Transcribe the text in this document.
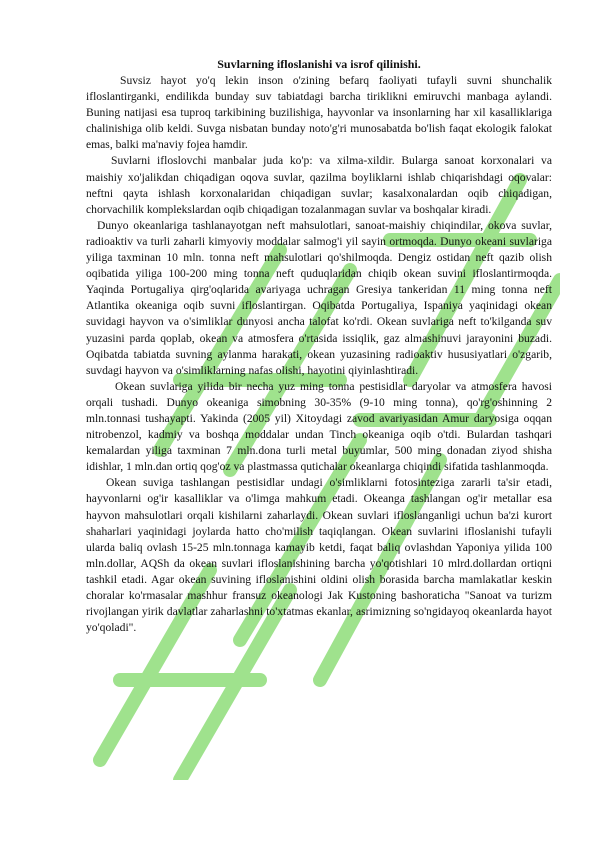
Suvlarning ifloslanishi va isrof qilinishi.

Suvsiz hayot yo'q lekin inson o'zining befarq faoliyati tufayli suvni shunchalik ifloslantirganki, endilikda bunday suv tabiatdagi barcha tiriklikni emiruvchi manbaga aylandi. Buning natijasi esa tuproq tarkibining buzilishiga, hayvonlar va insonlarning har xil kasalliklariga chalinishiga olib keldi. Suvga nisbatan bunday noto'g'ri munosabatda bo'lish faqat ekologik falokat emas, balki ma'naviy fojea hamdir.

Suvlarni ifloslovchi manbalar juda ko'p: va xilma-xildir. Bularga sanoat korxonalari va maishiy xo'jalikdan chiqadigan oqova suvlar, qazilma boyliklarni ishlab chiqarishdagi oqovalar: neftni qayta ishlash korxonalaridan chiqadigan suvlar; kasalxonalardan oqib chiqadigan, chorvachilik komplekslardan oqib chiqadigan tozalanmagan suvlar va boshqalar kiradi.

Dunyo okeanlariga tashlanayotgan neft mahsulotlari, sanoat-maishiy chiqindilar, okova suvlar, radioaktiv va turli zaharli kimyoviy moddalar salmog'i yil sayin ortmoqda. Dunyo okeani suvlariga yiliga taxminan 10 mln. tonna neft mahsulotlari qo'shilmoqda. Dengiz ostidan neft qazib olish oqibatida yiliga 100-200 ming tonna neft quduqlaridan chiqib okean suvini ifloslantirmoqda. Yaqinda Portugaliya qirg'oqlarida avariyaga uchragan Gresiya tankeridan 11 ming tonna neft Atlantika okeaniga oqib suvni ifloslantirgan. Oqibatda Portugaliya, Ispaniya yaqinidagi okean suvidagi hayvon va o'simliklar dunyosi ancha talofat ko'rdi. Okean suvlariga neft to'kilganda suv yuzasini parda qoplab, okean va atmosfera o'rtasida issiqlik, gaz almashinuvi jarayonini buzadi. Oqibatda tabiatda suvning aylanma harakati, okean yuzasining radioaktiv hususiyatlari o'zgarib, suvdagi hayvon va o'simliklarning nafas olishi, hayotini qiyinlashtiradi.

Okean suvlariga yilida bir necha yuz ming tonna pestisidlar daryolar va atmosfera havosi orqali tushadi. Dunyo okeaniga simobning 30-35% (9-10 ming tonna), qo'rg'oshinning 2 mln.tonnasi tushayapti. Yakinda (2005 yil) Xitoydagi zavod avariyasidan Amur daryosiga oqqan nitrobenzol, kadmiy va boshqa moddalar undan Tinch okeaniga oqib o'tdi. Bulardan tashqari kemalardan yiliga taxminan 7 mln.dona turli metal buyumlar, 500 ming donadan ziyod shisha idishlar, 1 mln.dan ortiq qog'oz va plastmassa qutichalar okeanlarga chiqindi sifatida tashlanmoqda.

Okean suviga tashlangan pestisidlar undagi o'simliklarni fotosinteziga zararli ta'sir etadi, hayvonlarni og'ir kasalliklar va o'limga mahkum etadi. Okeanga tashlangan og'ir metallar esa hayvon mahsulotlari orqali kishilarni zaharlaydi. Okean suvlari ifloslanganligi uchun ba'zi kurort shaharlari yaqinidagi joylarda hatto cho'milish taqiqlangan. Okean suvlarini ifloslanishi tufayli ularda baliq ovlash 15-25 mln.tonnaga kamayib ketdi, faqat baliq ovlashdan Yaponiya yilida 100 mln.dollar, AQSh da okean suvlari ifloslanishining barcha yo'qotishlari 10 mlrd.dollardan ortiqni tashkil etadi. Agar okean suvining ifloslanishini oldini olish borasida barcha mamlakatlar keskin choralar ko'rmasalar mashhur fransuz okeanologi Jak Kustoning bashoraticha "Sanoat va turizm rivojlangan yirik davlatlar zaharlashni to'xtatmas ekanlar, asrimizning so'ngidayoq okeanlarda hayot yo'qoladi".
